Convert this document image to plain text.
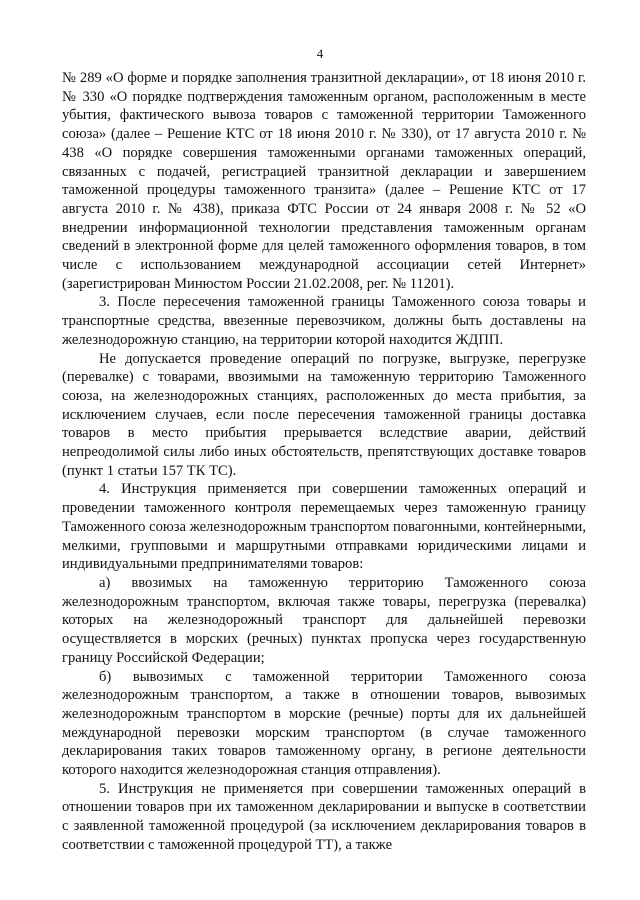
4

№ 289 «О форме и порядке заполнения транзитной декларации», от 18 июня 2010 г. № 330 «О порядке подтверждения таможенным органом, расположенным в месте убытия, фактического вывоза товаров с таможенной территории Таможенного союза» (далее – Решение КТС от 18 июня 2010 г. № 330), от 17 августа 2010 г. № 438 «О порядке совершения таможенными органами таможенных операций, связанных с подачей, регистрацией транзитной декларации и завершением таможенной процедуры таможенного транзита» (далее – Решение КТС от 17 августа 2010 г. № 438), приказа ФТС России от 24 января 2008 г. № 52 «О внедрении информационной технологии представления таможенным органам сведений в электронной форме для целей таможенного оформления товаров, в том числе с использованием международной ассоциации сетей Интернет» (зарегистрирован Минюстом России 21.02.2008, рег. № 11201).

3. После пересечения таможенной границы Таможенного союза товары и транспортные средства, ввезенные перевозчиком, должны быть доставлены на железнодорожную станцию, на территории которой находится ЖДПП.

Не допускается проведение операций по погрузке, выгрузке, перегрузке (перевалке) с товарами, ввозимыми на таможенную территорию Таможенного союза, на железнодорожных станциях, расположенных до места прибытия, за исключением случаев, если после пересечения таможенной границы доставка товаров в место прибытия прерывается вследствие аварии, действий непреодолимой силы либо иных обстоятельств, препятствующих доставке товаров (пункт 1 статьи 157 ТК ТС).

4. Инструкция применяется при совершении таможенных операций и проведении таможенного контроля перемещаемых через таможенную границу Таможенного союза железнодорожным транспортом повагонными, контейнерными, мелкими, групповыми и маршрутными отправками юридическими лицами и индивидуальными предпринимателями товаров:

а) ввозимых на таможенную территорию Таможенного союза железнодорожным транспортом, включая также товары, перегрузка (перевалка) которых на железнодорожный транспорт для дальнейшей перевозки осуществляется в морских (речных) пунктах пропуска через государственную границу Российской Федерации;

б) вывозимых с таможенной территории Таможенного союза железнодорожным транспортом, а также в отношении товаров, вывозимых железнодорожным транспортом в морские (речные) порты для их дальнейшей международной перевозки морским транспортом (в случае таможенного декларирования таких товаров таможенному органу, в регионе деятельности которого находится железнодорожная станция отправления).

5. Инструкция не применяется при совершении таможенных операций в отношении товаров при их таможенном декларировании и выпуске в соответствии с заявленной таможенной процедурой (за исключением декларирования товаров в соответствии с таможенной процедурой ТТ), а также
